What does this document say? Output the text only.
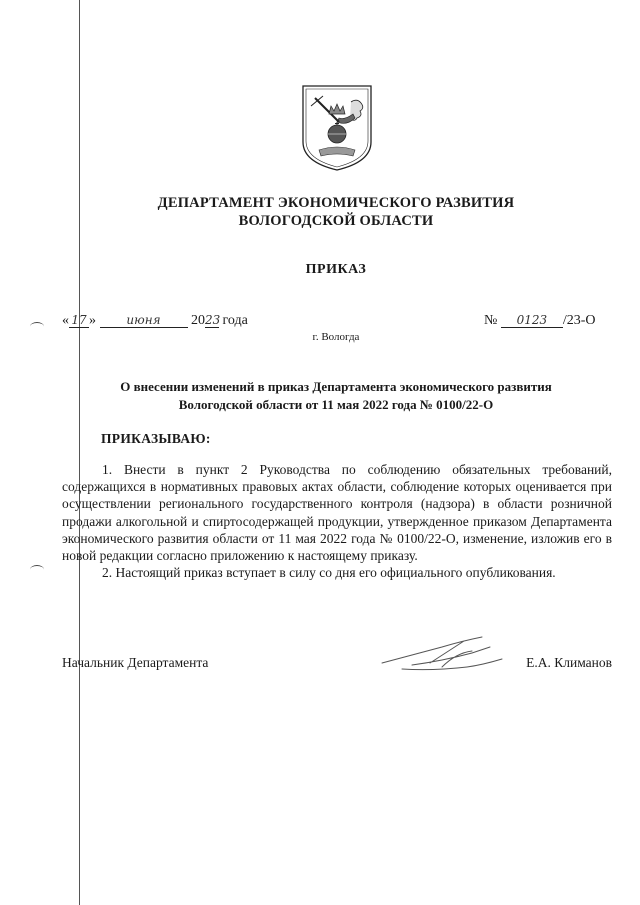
ДЕПАРТАМЕНТ ЭКОНОМИЧЕСКОГО РАЗВИТИЯ
ВОЛОГОДСКОЙ ОБЛАСТИ
ПРИКАЗ
« 17 »	июня 2023 года	№ 0123 /23-О
г. Вологда
О внесении изменений в приказ Департамента экономического развития
Вологодской области от 11 мая 2022 года № 0100/22-О
ПРИКАЗЫВАЮ:

1. Внести в пункт 2 Руководства по соблюдению обязательных требований, содержащихся в нормативных правовых актах области, соблюдение которых оценивается при осуществлении регионального государственного контроля (надзора) в области розничной продажи алкогольной и спиртосодержащей продукции, утвержденное приказом Департамента экономического развития области от 11 мая 2022 года № 0100/22-О, изменение, изложив его в новой редакции согласно приложению к настоящему приказу.

2. Настоящий приказ вступает в силу со дня его официального опубликования.

Начальник Департамента	Е.А. Климанов
